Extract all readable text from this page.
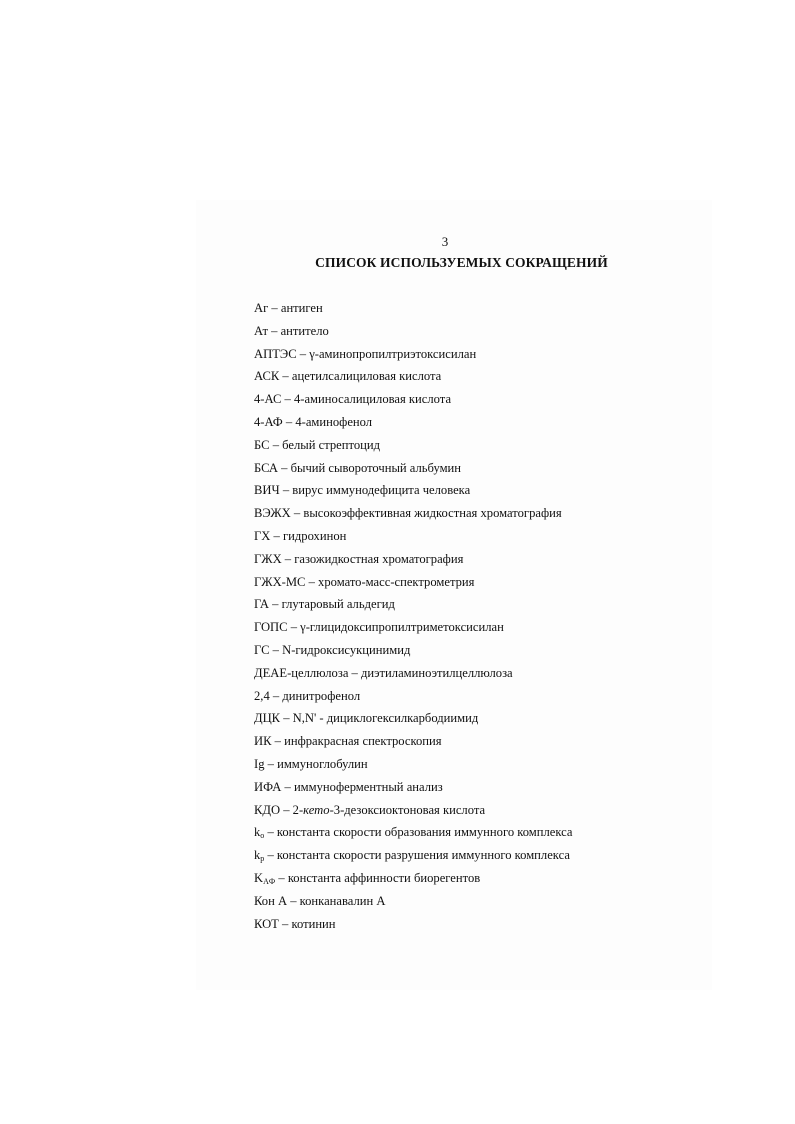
3
СПИСОК ИСПОЛЬЗУЕМЫХ СОКРАЩЕНИЙ
Аг – антиген
Ат – антитело
АПТЭС – γ-аминопропилтриэтоксисилан
АСК – ацетилсалициловая кислота
4-АС – 4-аминосалициловая кислота
4-АФ – 4-аминофенол
БС – белый стрептоцид
БСА – бычий сывороточный альбумин
ВИЧ – вирус иммунодефицита человека
ВЭЖХ – высокоэффективная жидкостная хроматография
ГХ – гидрохинон
ГЖХ – газожидкостная хроматография
ГЖХ-МС – хромато-масс-спектрометрия
ГА – глутаровый альдегид
ГОПС – γ-глицидоксипропилтриметоксисилан
ГС – N-гидроксисукцинимид
ДЕАЕ-целлюлоза – диэтиламиноэтилцеллюлоза
2,4 – динитрофенол
ДЦК – N,N' - дициклогексилкарбодиимид
ИК – инфракрасная спектроскопия
Ig – иммуноглобулин
ИФА – иммуноферментный анализ
КДО – 2-кето-3-дезоксиоктоновая кислота
$k_o$ – константа скорости образования иммунного комплекса
$k_p$ – константа скорости разрушения иммунного комплекса
$K_{AФ}$ – константа аффинности биорегентов
Кон А – конканавалин А
КОТ – котинин
